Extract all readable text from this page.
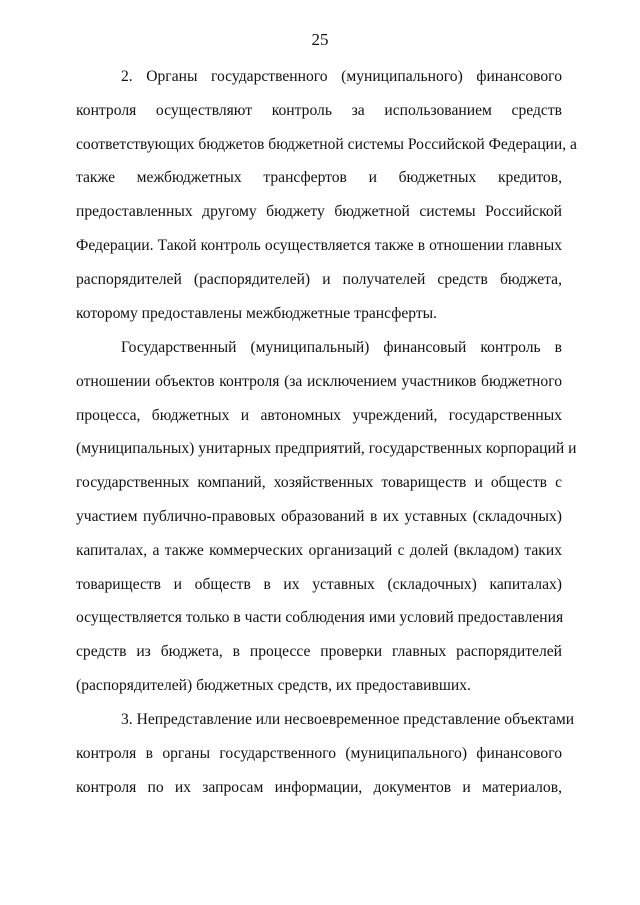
25
2. Органы государственного (муниципального) финансового
контроля осуществляют контроль за использованием средств
соответствующих бюджетов бюджетной системы Российской Федерации, а
также межбюджетных трансфертов и бюджетных кредитов,
предоставленных другому бюджету бюджетной системы Российской
Федерации. Такой контроль осуществляется также в отношении главных
распорядителей (распорядителей) и получателей средств бюджета,
которому предоставлены межбюджетные трансферты.
Государственный (муниципальный) финансовый контроль в
отношении объектов контроля (за исключением участников бюджетного
процесса, бюджетных и автономных учреждений, государственных
(муниципальных) унитарных предприятий, государственных корпораций и
государственных компаний, хозяйственных товариществ и обществ с
участием публично-правовых образований в их уставных (складочных)
капиталах, а также коммерческих организаций с долей (вкладом) таких
товариществ и обществ в их уставных (складочных) капиталах)
осуществляется только в части соблюдения ими условий предоставления
средств из бюджета, в процессе проверки главных распорядителей
(распорядителей) бюджетных средств, их предоставивших.
3. Непредставление или несвоевременное представление объектами
контроля в органы государственного (муниципального) финансового
контроля по их запросам информации, документов и материалов,
